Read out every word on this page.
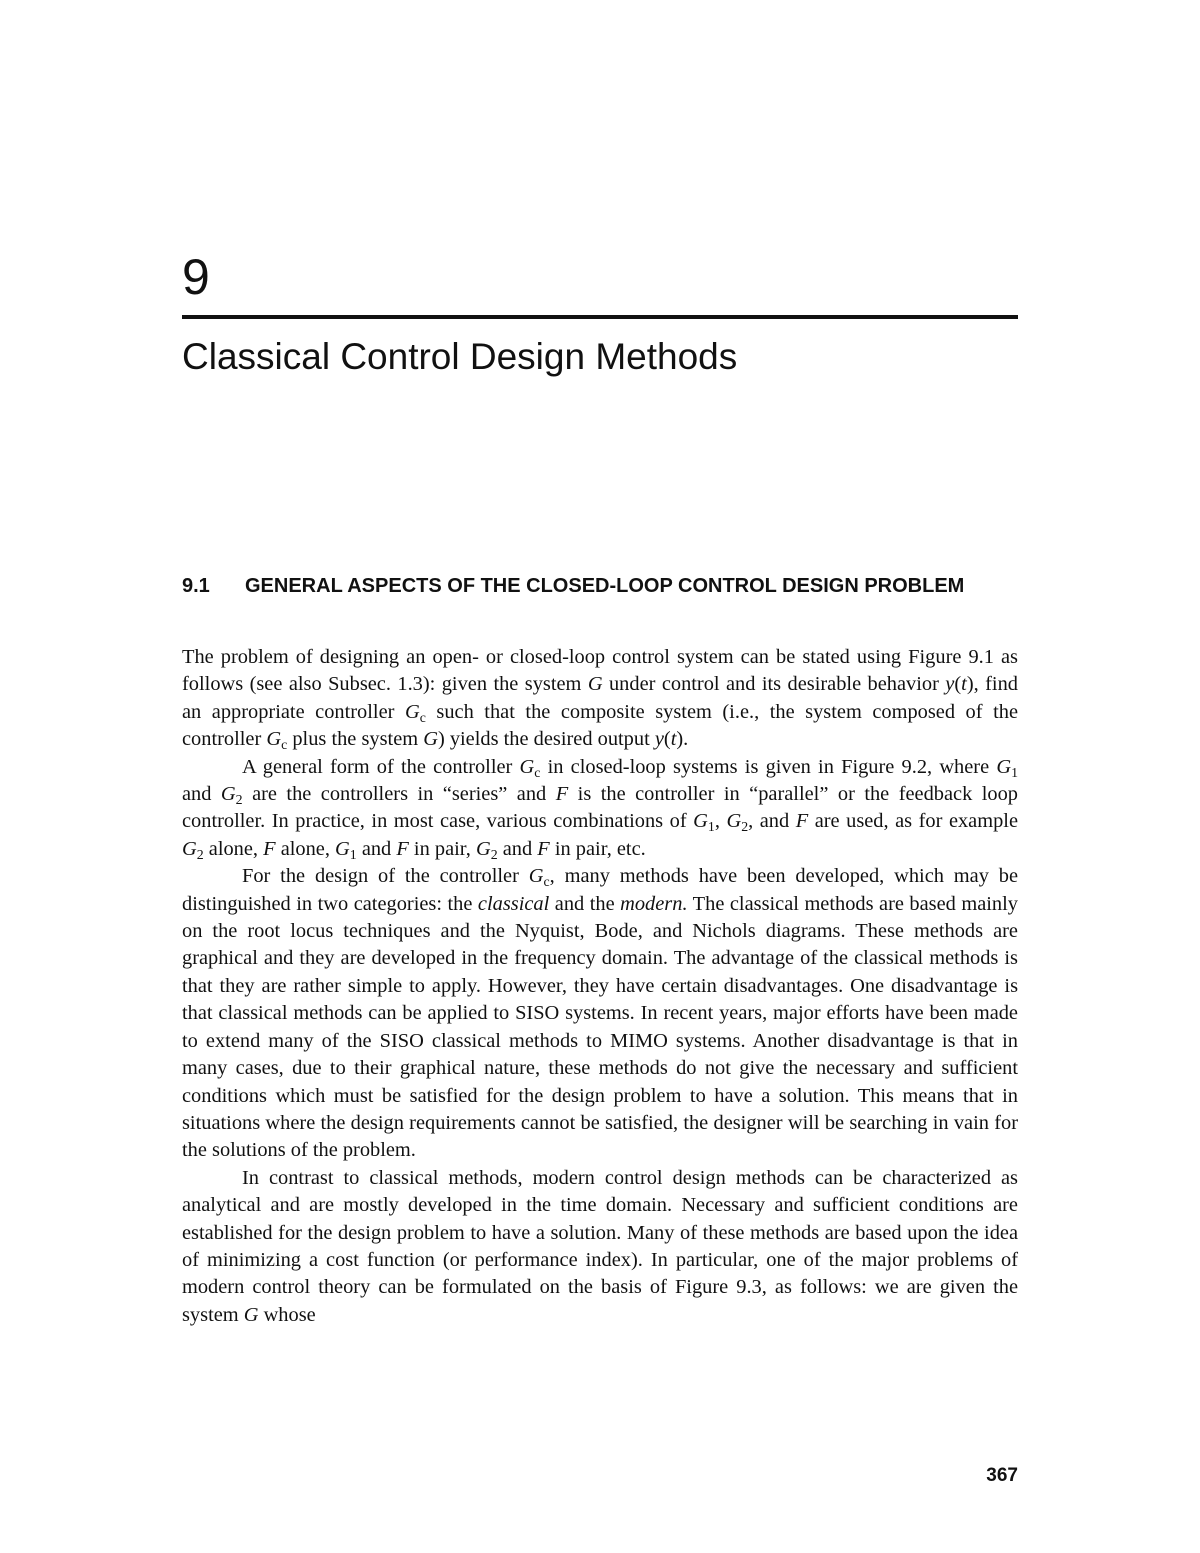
9
Classical Control Design Methods
9.1 GENERAL ASPECTS OF THE CLOSED-LOOP CONTROL DESIGN PROBLEM

The problem of designing an open- or closed-loop control system can be stated using Figure 9.1 as follows (see also Subsec. 1.3): given the system G under control and its desirable behavior y(t), find an appropriate controller $G_c$ such that the composite system (i.e., the system composed of the controller $G_c$ plus the system G) yields the desired output y(t).

A general form of the controller $G_c$ in closed-loop systems is given in Figure 9.2, where $G_1$ and $G_2$ are the controllers in “series” and F is the controller in “parallel” or the feedback loop controller. In practice, in most case, various combinations of $G_1$, $G_2$, and F are used, as for example $G_2$ alone, F alone, $G_1$ and F in pair, $G_2$ and F in pair, etc.

For the design of the controller $G_c$, many methods have been developed, which may be distinguished in two categories: the classical and the modern. The classical methods are based mainly on the root locus techniques and the Nyquist, Bode, and Nichols diagrams. These methods are graphical and they are developed in the frequency domain. The advantage of the classical methods is that they are rather simple to apply. However, they have certain disadvantages. One disadvantage is that classical methods can be applied to SISO systems. In recent years, major efforts have been made to extend many of the SISO classical methods to MIMO systems. Another disadvantage is that in many cases, due to their graphical nature, these methods do not give the necessary and sufficient conditions which must be satisfied for the design problem to have a solution. This means that in situations where the design requirements cannot be satisfied, the designer will be searching in vain for the solutions of the problem.

In contrast to classical methods, modern control design methods can be characterized as analytical and are mostly developed in the time domain. Necessary and sufficient conditions are established for the design problem to have a solution. Many of these methods are based upon the idea of minimizing a cost function (or performance index). In particular, one of the major problems of modern control theory can be formulated on the basis of Figure 9.3, as follows: we are given the system G whose

367
